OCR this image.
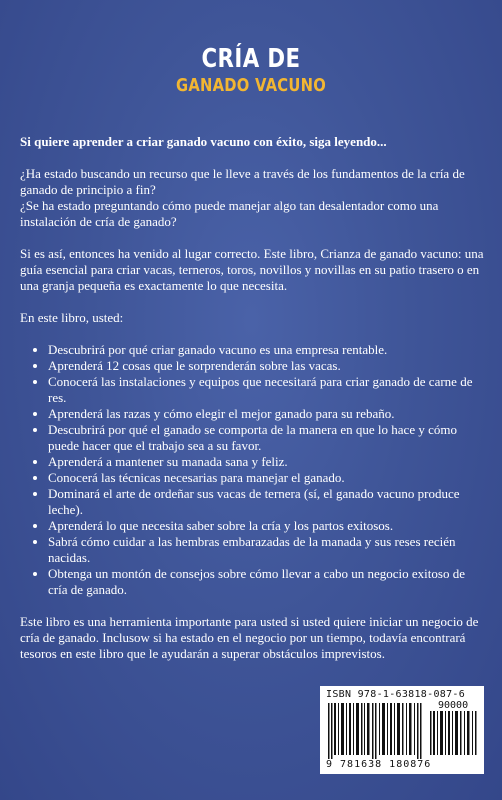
CRÍA DE
GANADO VACUNO

Si quiere aprender a criar ganado vacuno con éxito, siga leyendo...

¿Ha estado buscando un recurso que le lleve a través de los fundamentos de la cría de ganado de principio a fin?
¿Se ha estado preguntando cómo puede manejar algo tan desalentador como una instalación de cría de ganado?

Si es así, entonces ha venido al lugar correcto. Este libro, Crianza de ganado vacuno: una guía esencial para criar vacas, terneros, toros, novillos y novillas en su patio trasero o en una granja pequeña es exactamente lo que necesita.

En este libro, usted:

• Descubrirá por qué criar ganado vacuno es una empresa rentable.
• Aprenderá 12 cosas que le sorprenderán sobre las vacas.
• Conocerá las instalaciones y equipos que necesitará para criar ganado de carne de res.
• Aprenderá las razas y cómo elegir el mejor ganado para su rebaño.
• Descubrirá por qué el ganado se comporta de la manera en que lo hace y cómo puede hacer que el trabajo sea a su favor.
• Aprenderá a mantener su manada sana y feliz.
• Conocerá las técnicas necesarias para manejar el ganado.
• Dominará el arte de ordeñar sus vacas de ternera (sí, el ganado vacuno produce leche).
• Aprenderá lo que necesita saber sobre la cría y los partos exitosos.
• Sabrá cómo cuidar a las hembras embarazadas de la manada y sus reses recién nacidas.
• Obtenga un montón de consejos sobre cómo llevar a cabo un negocio exitoso de cría de ganado.

Este libro es una herramienta importante para usted si usted quiere iniciar un negocio de cría de ganado. Inclusow si ha estado en el negocio por un tiempo, todavía encontrará tesoros en este libro que le ayudarán a superar obstáculos imprevistos.

ISBN 978-1-63818-087-6
90000
9 781638 180876
